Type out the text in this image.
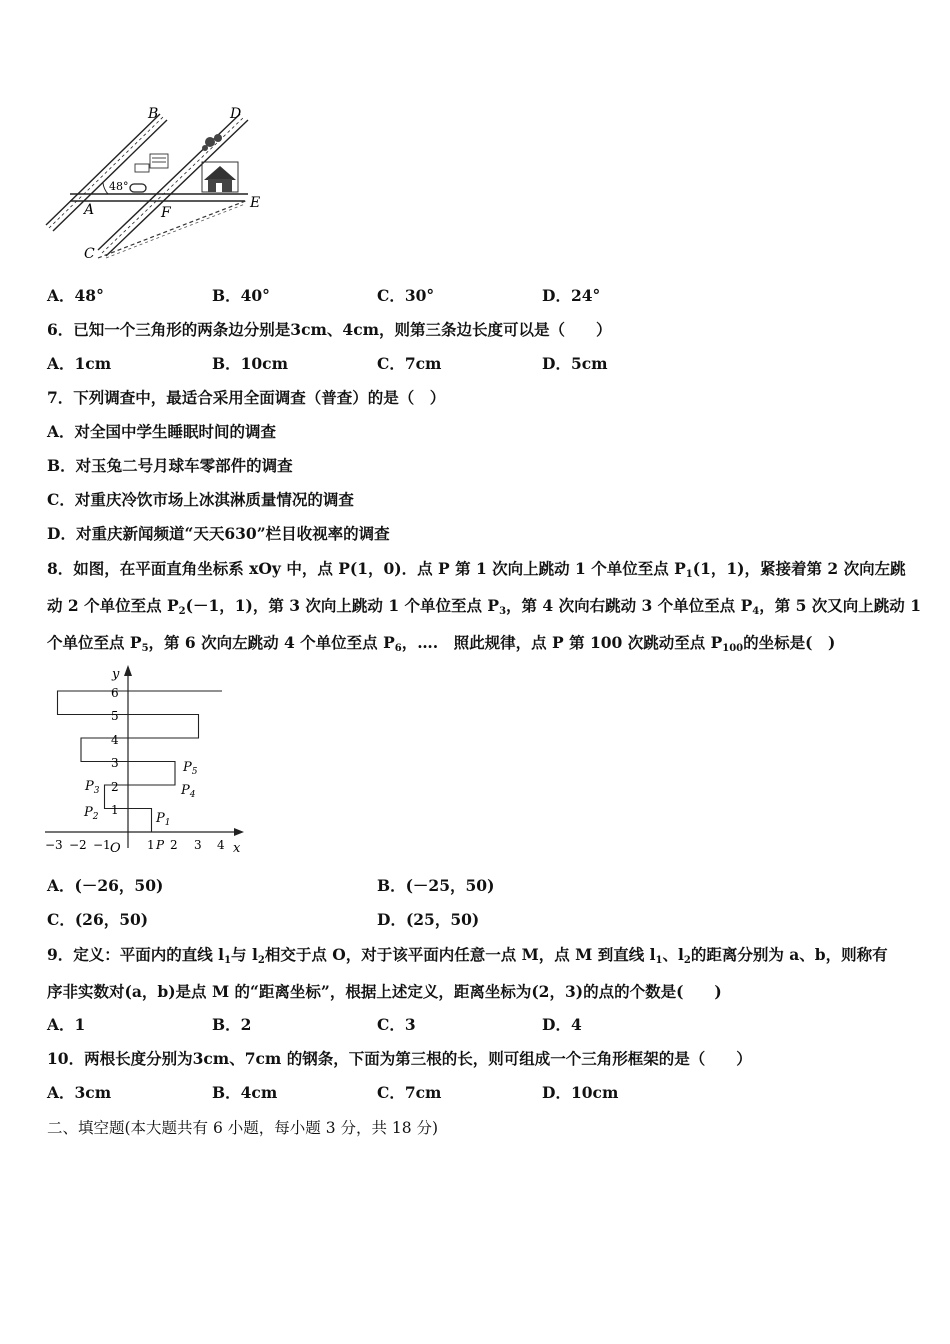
48°
B	D
A	F
E
C
A．48°	B．40°	C．30°	D．24°
6．已知一个三角形的两条边分别是3cm、4cm，则第三条边长度可以是（　　）
A．1cm	B．10cm	C．7cm	D．5cm
7．下列调查中，最适合采用全面调查（普查）的是（　）
A．对全国中学生睡眠时间的调查
B．对玉兔二号月球车零部件的调查
C．对重庆冷饮市场上冰淇淋质量情况的调查
D．对重庆新闻频道“天天630”栏目收视率的调查
8．如图，在平面直角坐标系 xOy 中，点 P(1，0)．点 P 第 1 次向上跳动 1 个单位至点 $P_1(1$，1)，紧接着第 2 次向左跳
动 2 个单位至点 $P_2(-1$，1)，第 3 次向上跳动 1 个单位至点 $P_3$，第 4 次向右跳动 3 个单位至点 $P_4$，第 5 次又向上跳动 1
个单位至点 $P_5$，第 6 次向左跳动 4 个单位至点 $P_6$，….　照此规律，点 P 第 100 次跳动至点 $P_{100}$的坐标是(　)
y
x
O
6
5
4
3
2
1
−3 −2 −1	1 2 3 4
P
$P_1$
$P_2$
$P_3$	$P_4$
$P_5$
A．(－26，50)	B．(－25，50)
C．(26，50)	D．(25，50)
9．定义：平面内的直线 $l_1$与 $l_2$相交于点 O，对于该平面内任意一点 M，点 M 到直线 $l_1$、$l_2$的距离分别为 a、b，则称有
序非实数对(a，b)是点 M 的“距离坐标”，根据上述定义，距离坐标为(2，3)的点的个数是(　　)
A．1	B．2	C．3	D．4
10．两根长度分别为3cm、7cm 的钢条，下面为第三根的长，则可组成一个三角形框架的是（　　）
A．3cm	B．4cm	C．7cm	D．10cm
二、填空题(本大题共有 6 小题，每小题 3 分，共 18 分)
